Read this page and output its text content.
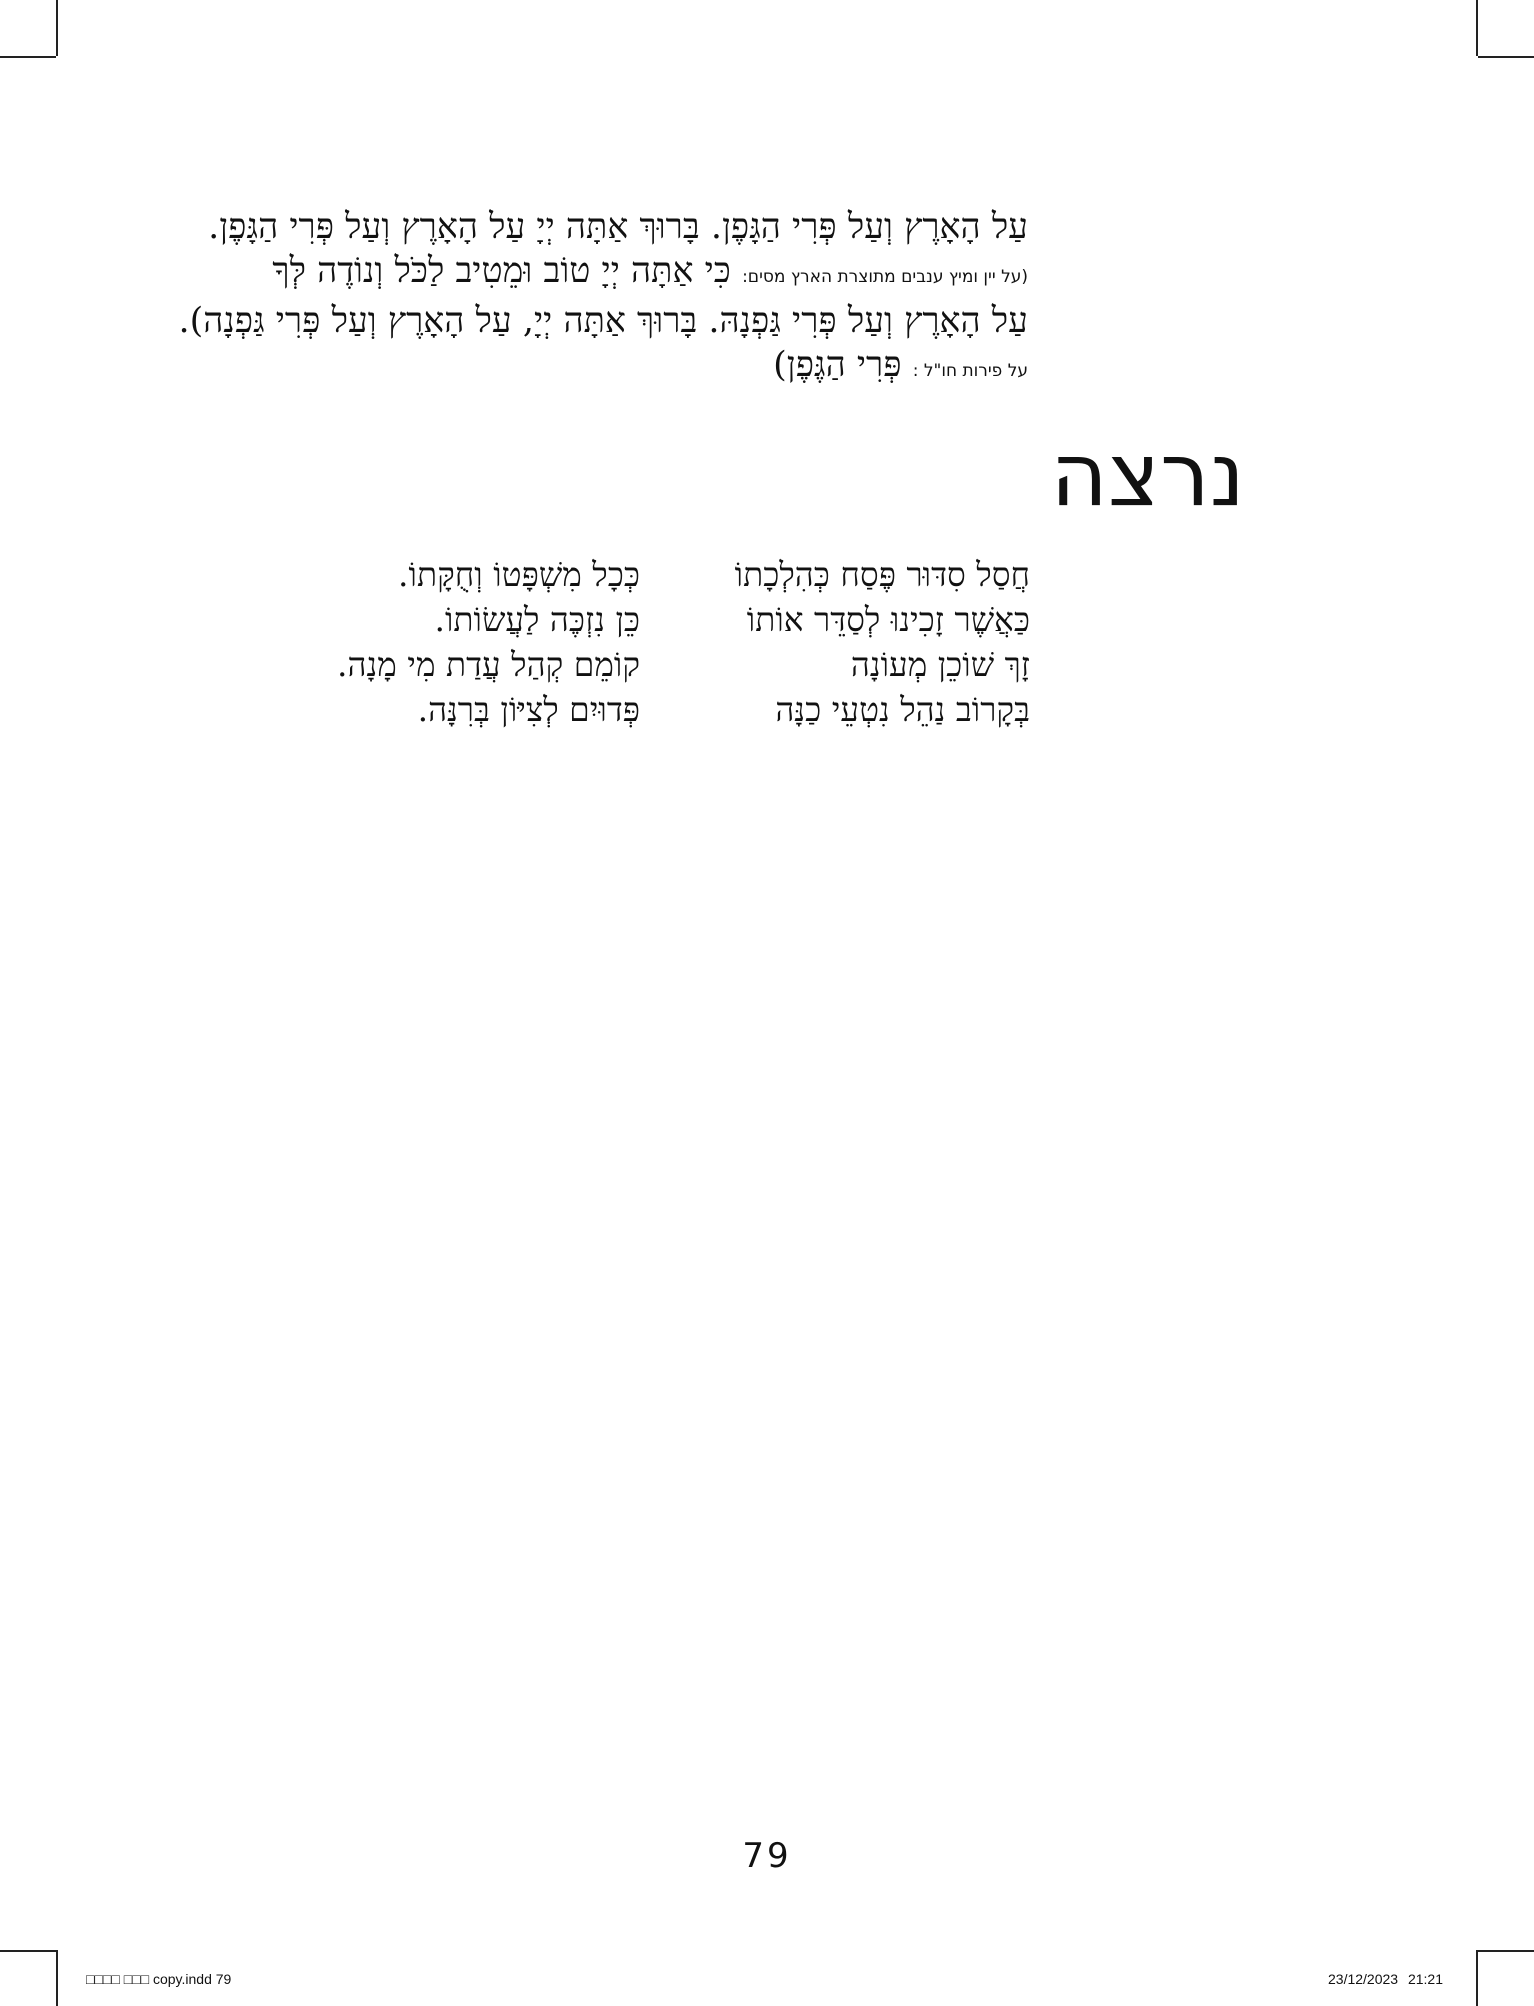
עַל הָאָרֶץ וְעַל פְּרִי הַגָּפֶן. בָּרוּךְ אַתָּה יְיָ עַל הָאָרֶץ וְעַל פְּרִי הַגָּפֶן.
(על יין ומיץ ענבים מתוצרת הארץ מסים: כִּי אַתָּה יְיָ טוֹב וּמֵטִיב לַכֹּל וְנוֹדֶה לְּךָ
עַל הָאָרֶץ וְעַל פְּרִי גַּפְנָהּ. בָּרוּךְ אַתָּה יְיָ, עַל הָאָרֶץ וְעַל פְּרִי גַּפְנָה).
על פירות חו"ל : פְּרִי הַגֶּפֶן)
נרצה
חֲסַל סִדּוּר פֶּסַח כְּהִלְכָתוֹ
כַּאֲשֶׁר זָכִינוּ לְסַדֵּר אוֹתוֹ
זָךְ שׁוֹכֵן מְעוֹנָה
בְּקָרוֹב נַהֵל נִטְעֵי כַנָּה
כְּכָל מִשְׁפָּטוֹ וְחֻקָּתוֹ.
כֵּן נִזְכֶּה לַעֲשׂוֹתוֹ.
קוֹמֵם קְהַל עֲדַת מִי מָנָה.
פְּדוּיִם לְצִיּוֹן בְּרִנָּה.
79
□□□□ □□□ copy.indd 79	23/12/2023 21:21
